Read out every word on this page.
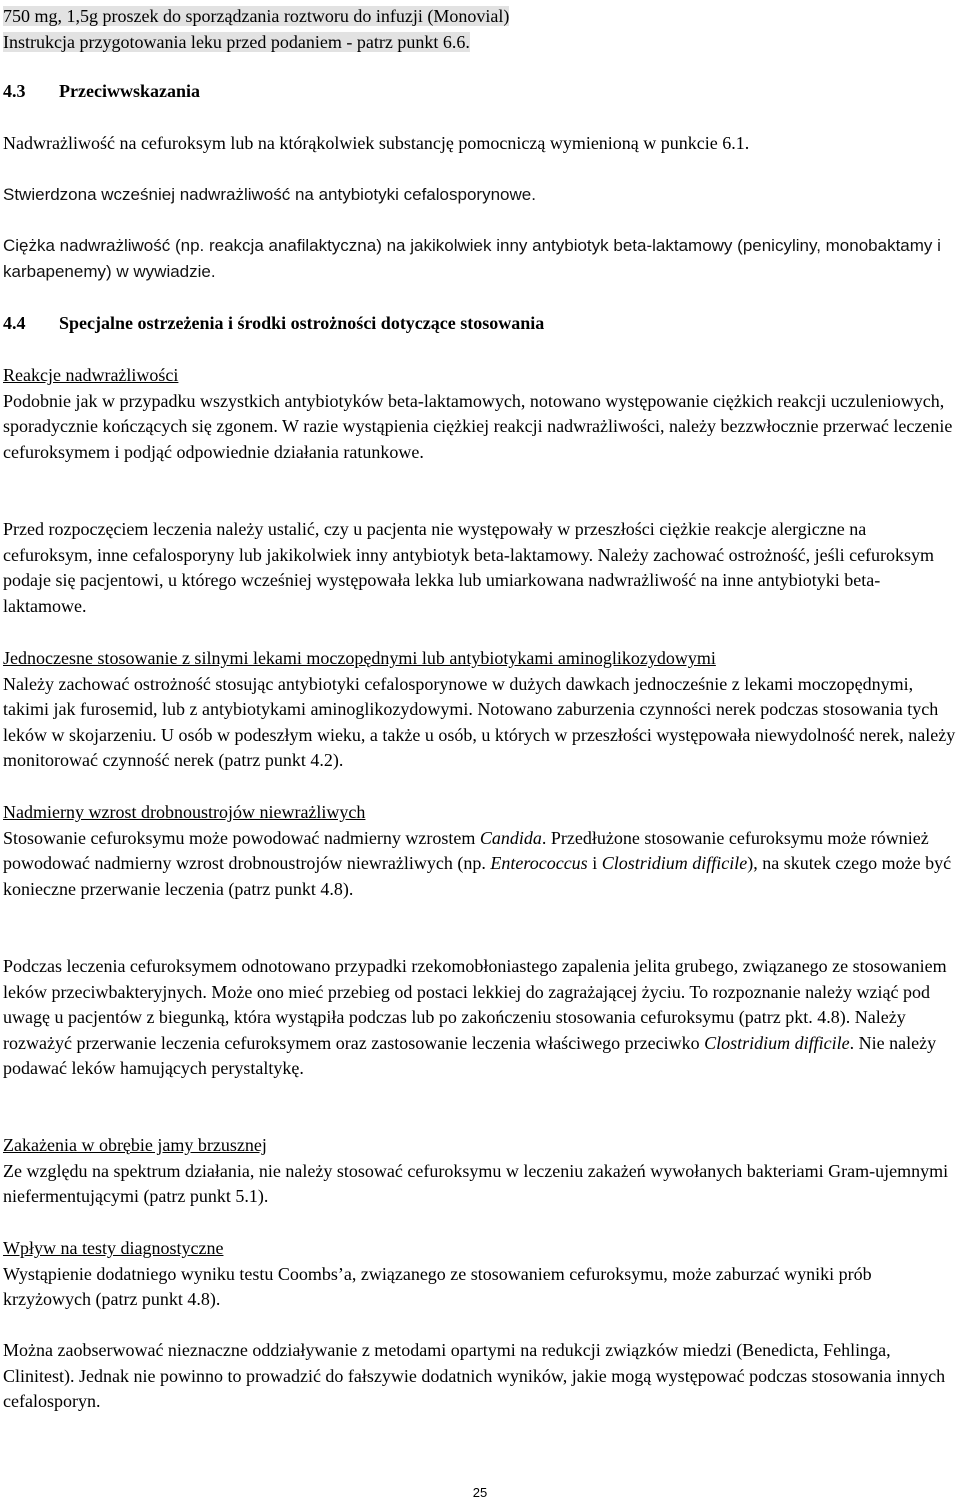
750 mg, 1,5g proszek do sporządzania roztworu do infuzji (Monovial)
Instrukcja przygotowania leku przed podaniem - patrz punkt 6.6.
4.3 Przeciwwskazania
Nadwrażliwość na cefuroksym lub na którąkolwiek substancję pomocniczą wymienioną w punkcie 6.1.
Stwierdzona wcześniej nadwrażliwość na antybiotyki cefalosporynowe.
Ciężka nadwrażliwość (np. reakcja anafilaktyczna) na jakikolwiek inny antybiotyk beta-laktamowy (penicyliny, monobaktamy i karbapenemy) w wywiadzie.
4.4 Specjalne ostrzeżenia i środki ostrożności dotyczące stosowania
Reakcje nadwrażliwości
Podobnie jak w przypadku wszystkich antybiotyków beta-laktamowych, notowano występowanie ciężkich reakcji uczuleniowych, sporadycznie kończących się zgonem. W razie wystąpienia ciężkiej reakcji nadwrażliwości, należy bezzwłocznie przerwać leczenie cefuroksymem i podjąć odpowiednie działania ratunkowe.
Przed rozpoczęciem leczenia należy ustalić, czy u pacjenta nie występowały w przeszłości ciężkie reakcje alergiczne na cefuroksym, inne cefalosporyny lub jakikolwiek inny antybiotyk beta-laktamowy. Należy zachować ostrożność, jeśli cefuroksym podaje się pacjentowi, u którego wcześniej występowała lekka lub umiarkowana nadwrażliwość na inne antybiotyki beta-laktamowe.
Jednoczesne stosowanie z silnymi lekami moczopędnymi lub antybiotykami aminoglikozydowymi
Należy zachować ostrożność stosując antybiotyki cefalosporynowe w dużych dawkach jednocześnie z lekami moczopędnymi, takimi jak furosemid, lub z antybiotykami aminoglikozydowymi. Notowano zaburzenia czynności nerek podczas stosowania tych leków w skojarzeniu. U osób w podeszłym wieku, a także u osób, u których w przeszłości występowała niewydolność nerek, należy monitorować czynność nerek (patrz punkt 4.2).
Nadmierny wzrost drobnoustrojów niewrażliwych
Stosowanie cefuroksymu może powodować nadmierny wzrostem Candida. Przedłużone stosowanie cefuroksymu może również powodować nadmierny wzrost drobnoustrojów niewrażliwych (np. Enterococcus i Clostridium difficile), na skutek czego może być konieczne przerwanie leczenia (patrz punkt 4.8).
Podczas leczenia cefuroksymem odnotowano przypadki rzekomobłoniastego zapalenia jelita grubego, związanego ze stosowaniem leków przeciwbakteryjnych. Może ono mieć przebieg od postaci lekkiej do zagrażającej życiu. To rozpoznanie należy wziąć pod uwagę u pacjentów z biegunką, która wystąpiła podczas lub po zakończeniu stosowania cefuroksymu (patrz pkt. 4.8). Należy rozważyć przerwanie leczenia cefuroksymem oraz zastosowanie leczenia właściwego przeciwko Clostridium difficile. Nie należy podawać leków hamujących perystaltykę.
Zakażenia w obrębie jamy brzusznej
Ze względu na spektrum działania, nie należy stosować cefuroksymu w leczeniu zakażeń wywołanych bakteriami Gram-ujemnymi niefermentującymi (patrz punkt 5.1).
Wpływ na testy diagnostyczne
Wystąpienie dodatniego wyniku testu Coombs’a, związanego ze stosowaniem cefuroksymu, może zaburzać wyniki prób krzyżowych (patrz punkt 4.8).
Można zaobserwować nieznaczne oddziaływanie z metodami opartymi na redukcji związków miedzi (Benedicta, Fehlinga, Clinitest). Jednak nie powinno to prowadzić do fałszywie dodatnich wyników, jakie mogą występować podczas stosowania innych cefalosporyn.
25
